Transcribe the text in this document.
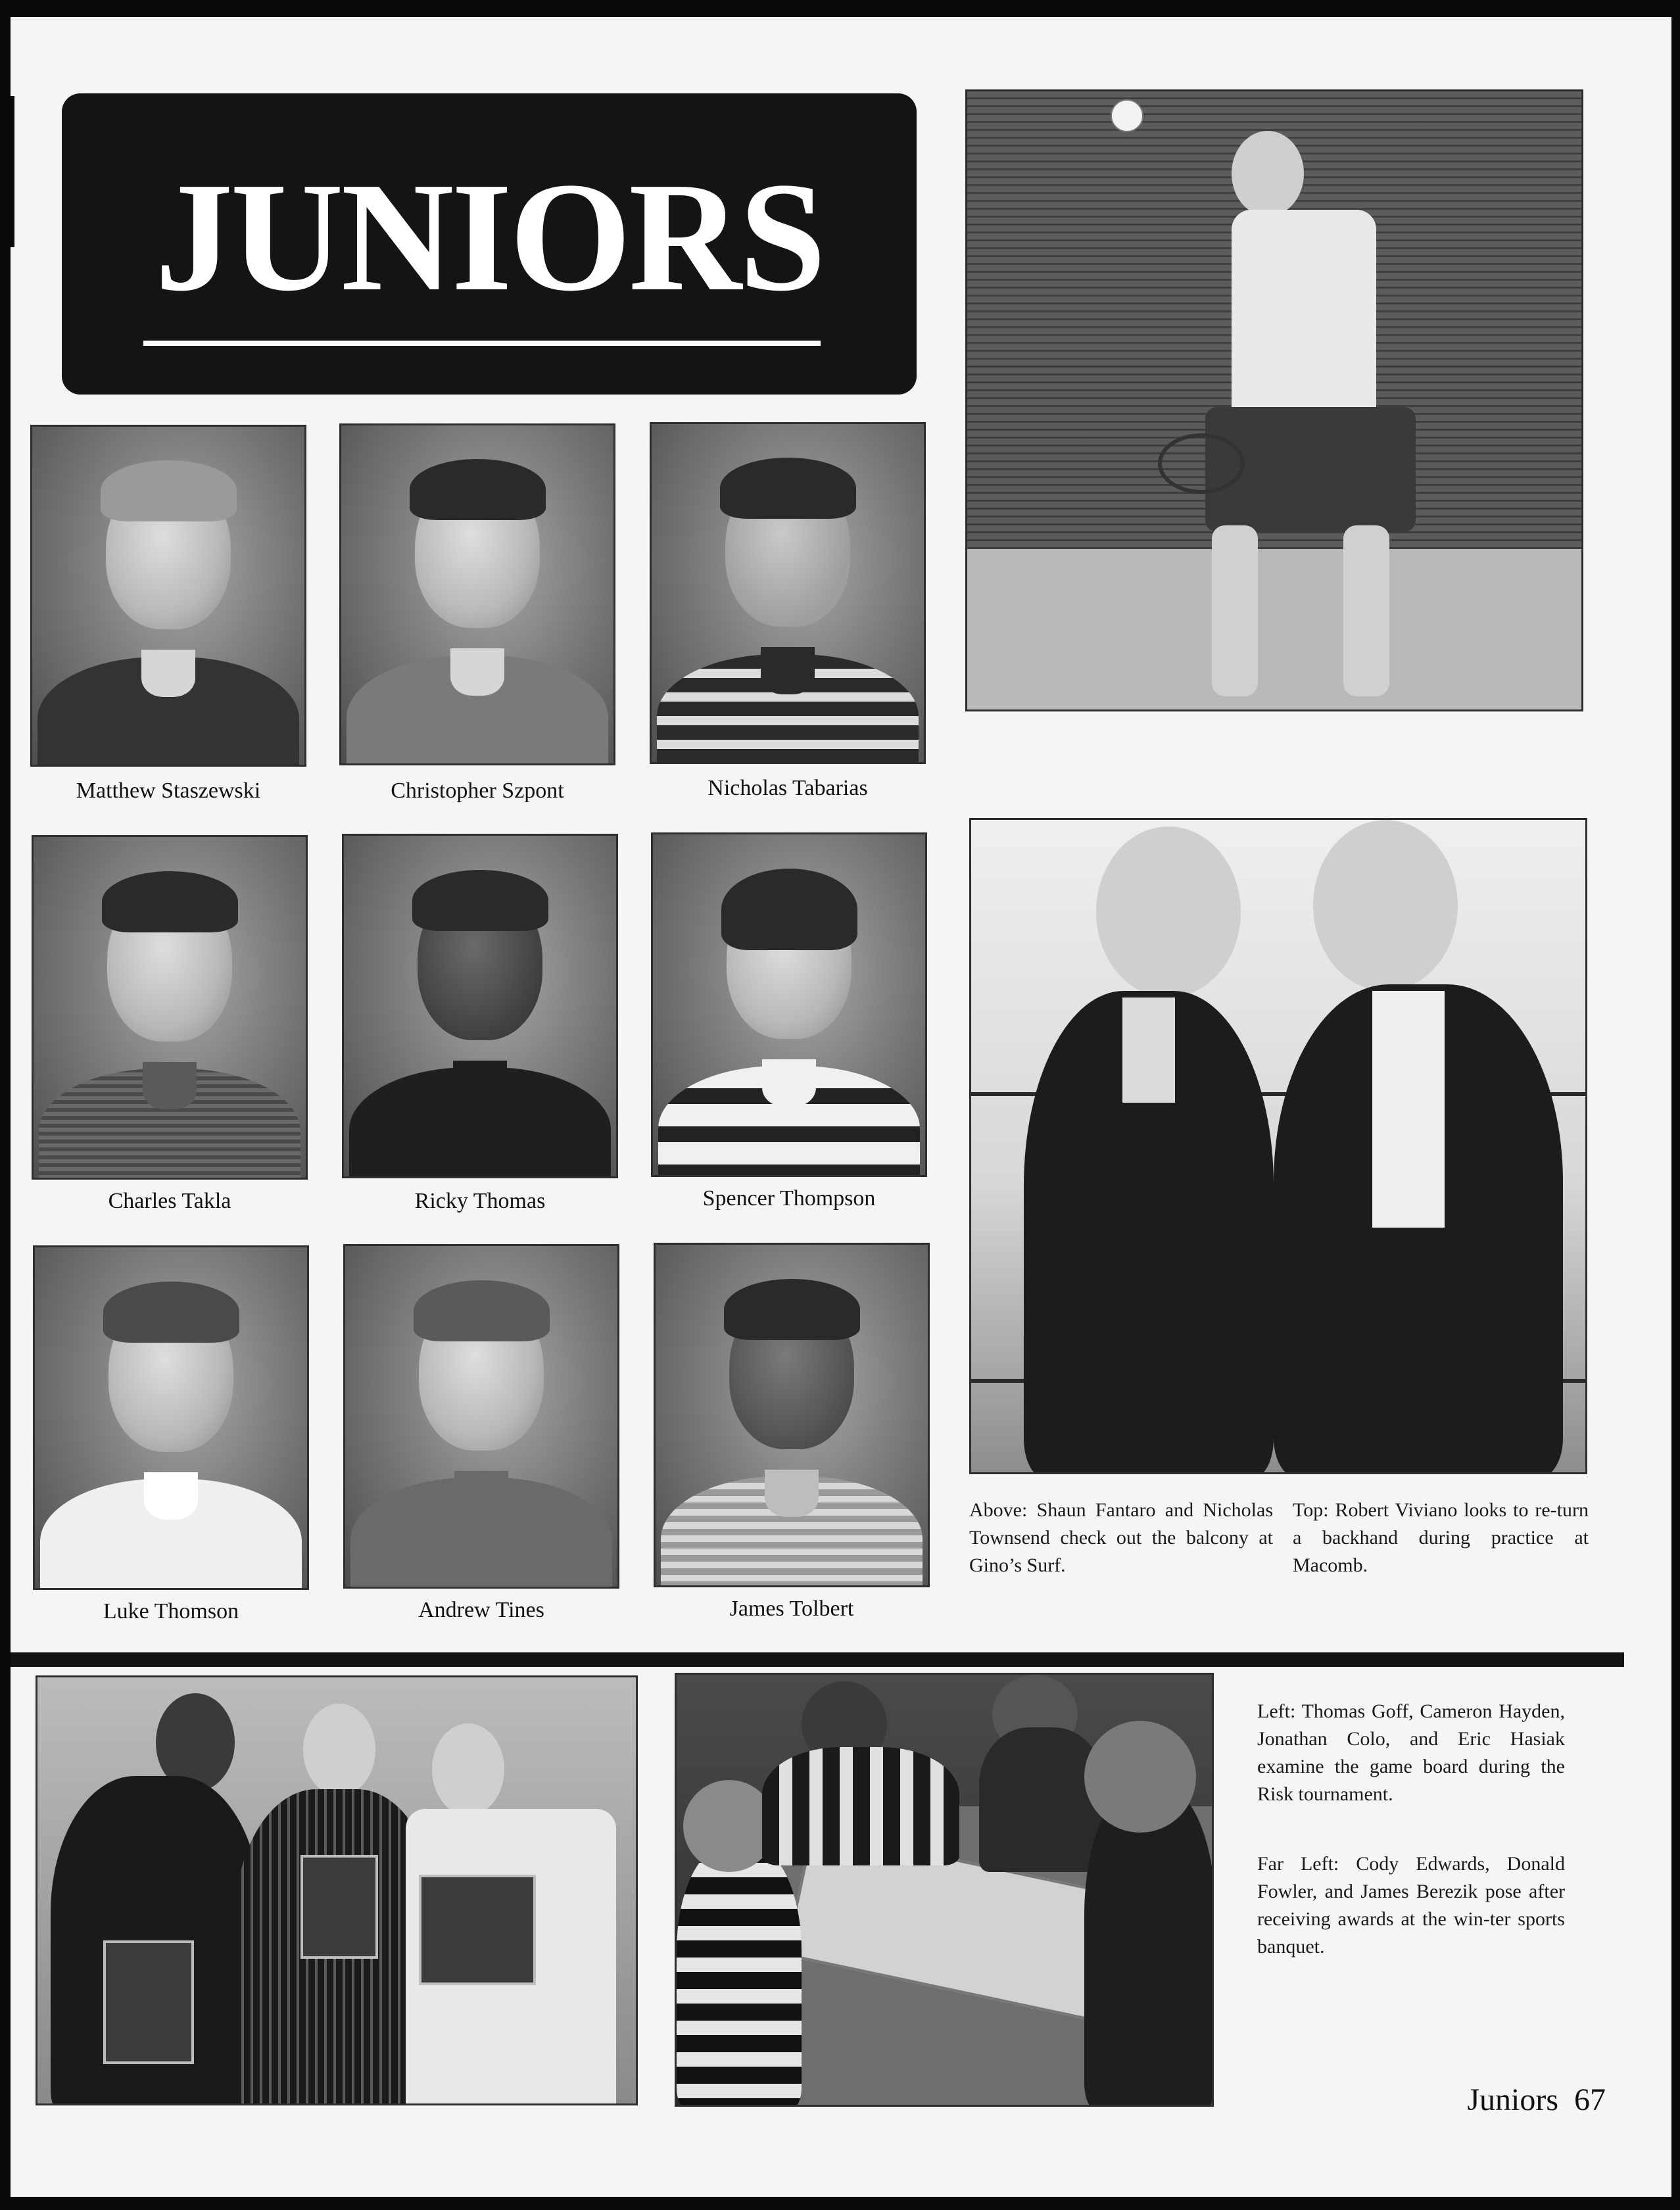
JUNIORS
Matthew Staszewski	Christopher Szpont	Nicholas Tabarias
Charles Takla	Ricky Thomas	Spencer Thompson
Luke Thomson	Andrew Tines	James Tolbert
Above: Shaun Fantaro and Nicholas Townsend check out the balcony at Gino’s Surf.
Top: Robert Viviano looks to re-turn a backhand during practice at Macomb.
Left: Thomas Goff, Cameron Hayden, Jonathan Colo, and Eric Hasiak examine the game board during the Risk tournament.
Far Left: Cody Edwards, Donald Fowler, and James Berezik pose after receiving awards at the win-ter sports banquet.
Juniors 67
